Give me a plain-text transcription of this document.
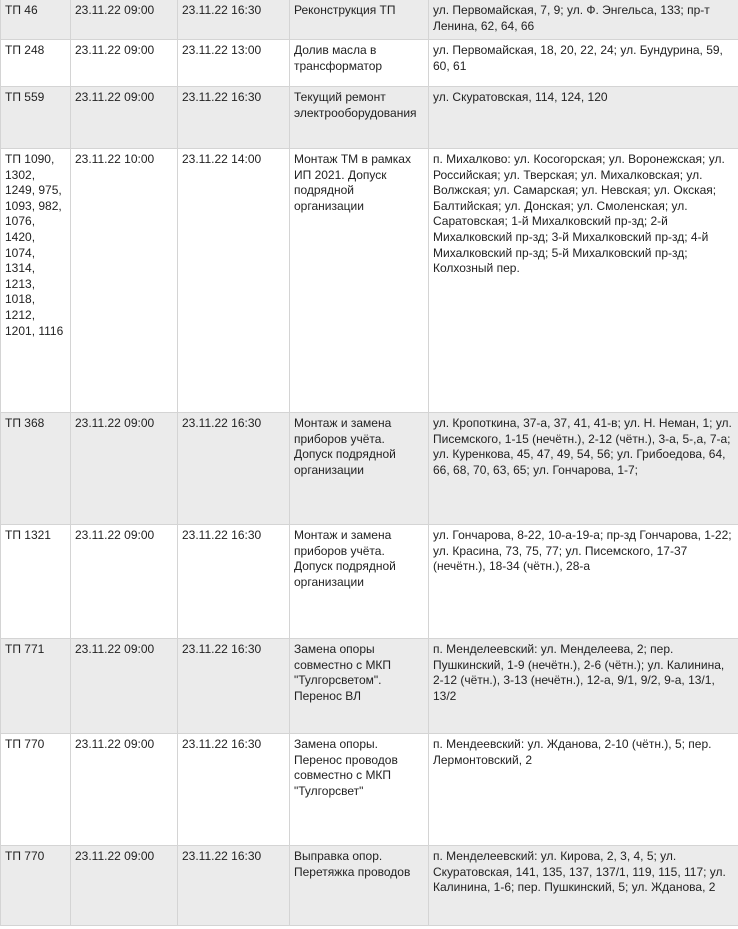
ТП 46	23.11.22 09:00	23.11.22 16:30	Реконструкция ТП	ул. Первомайская, 7, 9; ул. Ф. Энгельса, 133; пр-т Ленина, 62, 64, 66
ТП 248	23.11.22 09:00	23.11.22 13:00	Долив масла в трансформатор	ул. Первомайская, 18, 20, 22, 24; ул. Бундурина, 59, 60, 61
ТП 559	23.11.22 09:00	23.11.22 16:30	Текущий ремонт электрооборудования	ул. Скуратовская, 114, 124, 120
ТП 1090, 1302, 1249, 975, 1093, 982, 1076, 1420, 1074, 1314, 1213, 1018, 1212, 1201, 1116	23.11.22 10:00	23.11.22 14:00	Монтаж ТМ в рамках ИП 2021. Допуск подрядной организации	п. Михалково: ул. Косогорская; ул. Воронежская; ул. Российская; ул. Тверская; ул. Михалковская; ул. Волжская; ул. Самарская; ул. Невская; ул. Окская; Балтийская; ул. Донская; ул. Смоленская; ул. Саратовская; 1-й Михалковский пр-зд; 2-й Михалковский пр-зд; 3-й Михалковский пр-зд; 4-й Михалковский пр-зд; 5-й Михалковский пр-зд; Колхозный пер.
ТП 368	23.11.22 09:00	23.11.22 16:30	Монтаж и замена приборов учёта. Допуск подрядной организации	ул. Кропоткина, 37-а, 37, 41, 41-в; ул. Н. Неман, 1; ул. Писемского, 1-15 (нечётн.), 2-12 (чётн.), 3-а, 5-,а, 7-а; ул. Куренкова, 45, 47, 49, 54, 56; ул. Грибоедова, 64, 66, 68, 70, 63, 65; ул. Гончарова, 1-7;
ТП 1321	23.11.22 09:00	23.11.22 16:30	Монтаж и замена приборов учёта. Допуск подрядной организации	ул. Гончарова, 8-22, 10-а-19-а; пр-зд Гончарова, 1-22; ул. Красина, 73, 75, 77; ул. Писемского, 17-37 (нечётн.), 18-34 (чётн.), 28-а
ТП 771	23.11.22 09:00	23.11.22 16:30	Замена опоры совместно с МКП "Тулгорсветом". Перенос ВЛ	п. Менделеевский: ул. Менделеева, 2; пер. Пушкинский, 1-9 (нечётн.), 2-6 (чётн.); ул. Калинина, 2-12 (чётн.), 3-13 (нечётн.), 12-а, 9/1, 9/2, 9-а, 13/1, 13/2
ТП 770	23.11.22 09:00	23.11.22 16:30	Замена опоры. Перенос проводов совместно с МКП "Тулгорсвет"	п. Мендеевский: ул. Жданова, 2-10 (чётн.), 5; пер. Лермонтовский, 2
ТП 770	23.11.22 09:00	23.11.22 16:30	Выправка опор. Перетяжка проводов	п. Менделеевский: ул. Кирова, 2, 3, 4, 5; ул. Скуратовская, 141, 135, 137, 137/1, 119, 115, 117; ул. Калинина, 1-6; пер. Пушкинский, 5; ул. Жданова, 2
